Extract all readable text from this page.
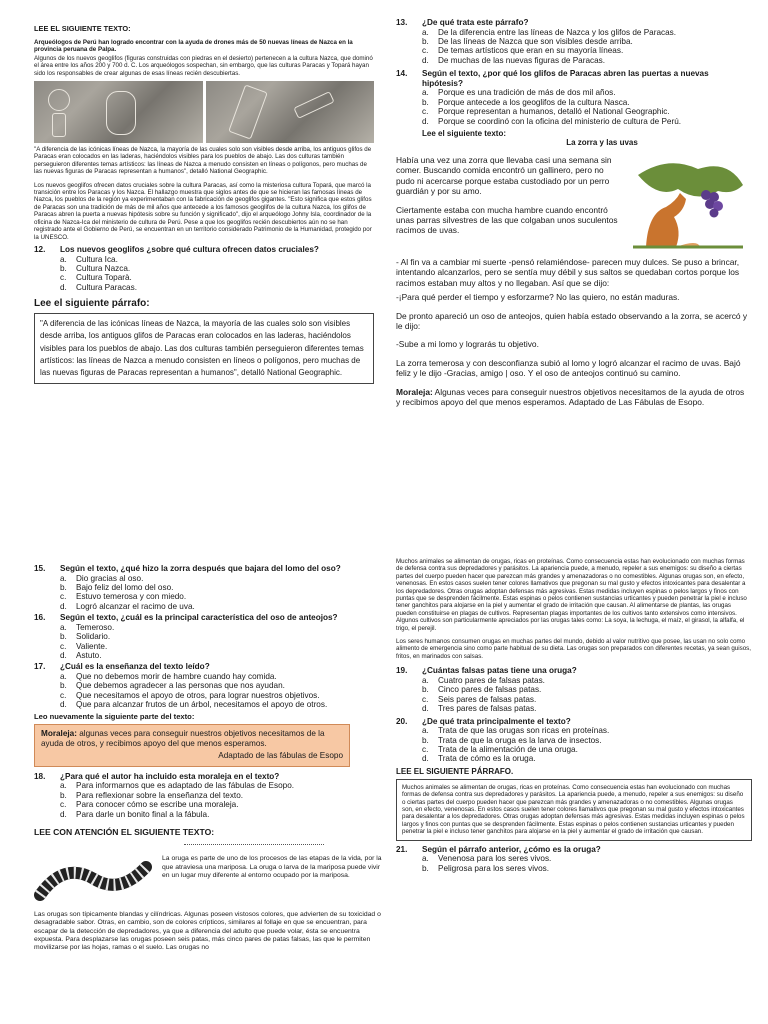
LEE EL SIGUIENTE TEXTO:
Arqueólogos de Perú han logrado encontrar con la ayuda de drones más de 50 nuevas líneas de Nazca en la provincia peruana de Palpa.
Algunos de los nuevos geoglifos (figuras construidas con piedras en el desierto) pertenecen a la cultura Nazca, que dominó el área entre los años 200 y 700 d. C. Los arqueólogos sospechan, sin embargo, que las culturas Paracas y Topará hayan sido los responsables de crear algunas de esas líneas recién descubiertas.
"A diferencia de las icónicas líneas de Nazca, la mayoría de las cuales solo son visibles desde arriba, los antiguos glifos de Paracas eran colocados en las laderas, haciéndolos visibles para los pueblos de abajo. Las dos culturas también perseguieron diferentes temas artísticos: las líneas de Nazca a menudo consisten en líneas o polígonos, pero muchas de las nuevas figuras de Paracas representan a humanos", detalló National Geographic.
Los nuevos geoglifos ofrecen datos cruciales sobre la cultura Paracas, así como la misteriosa cultura Topará, que marcó la transición entre los Paracas y los Nazca. El hallazgo muestra que siglos antes de que se hicieran las famosas líneas de Nazca, los pueblos de la región ya experimentaban con la fabricación de geoglifos gigantes. "Esto significa que estos glifos de Paracas son una tradición de más de mil años que antecede a los famosos geoglifos de la cultura Nazca, los glifos de Paracas abren la puerta a nuevas hipótesis sobre su función y significado", dijo el arqueólogo Johny Isla, coordinador de la oficina de Nazca-Ica del ministerio de cultura de Perú. Pese a que los geoglifos recién descubiertos aún no se han registrado ante el Gobierno de Perú, se encuentran en un territorio considerado Patrimonio de la Humanidad, protegido por la UNESCO.
12.	Los nuevos geoglifos ¿sobre qué cultura ofrecen datos cruciales?
a.	Cultura Ica.
b.	Cultura Nazca.
c.	Cultura Toparà.
d.	Cultura Paracas.
Lee el siguiente párrafo:
"A diferencia de las icónicas líneas de Nazca, la mayoría de las cuales solo son visibles desde arriba, los antiguos glifos de Paracas eran colocados en las laderas, haciéndolos visibles para los pueblos de abajo. Las dos culturas también perseguieron diferentes temas artísticos: las líneas de Nazca a menudo consisten en líneos o polígonos, pero muchas de las nuevas figuras de Paracas representan a humanos", detalló National Geographic.
13.	¿De qué trata este párrafo?
a.	De la diferencia entre las líneas de Nazca y los glifos de Paracas.
b.	De las líneas de Nazca que son visibles desde arriba.
c.	De temas artísticos que eran en su mayoría líneas.
d.	De muchas de las nuevas figuras de Paracas.
14.	Según el texto, ¿por qué los glifos de Paracas abren las puertas a nuevas hipótesis?
a.	Porque es una tradición de más de dos mil años.
b.	Porque antecede a los geoglifos de la cultura Nasca.
c.	Porque representan a humanos, detalló el National Geographic.
d.	Porque se coordinó con la oficina del ministerio de cultura de Perú.
Lee el siguiente texto:
La zorra y las uvas
Había una vez una zorra que llevaba casi una semana sin comer. Buscando comida encontró un gallinero, pero no pudo ni acercarse porque estaba custodiado por un perro guardián y por su amo.
Ciertamente estaba con mucha hambre cuando encontró unas parras silvestres de las que colgaban unos suculentos racimos de uvas.
- Al fin va a cambiar mi suerte -pensó relamiéndose- parecen muy dulces. Se puso a brincar, intentando alcanzarlos, pero se sentía muy débil y sus saltos se quedaban cortos porque los racimos estaban muy altos y no llegaban. Así que se dijo:
-¡Para qué perder el tiempo y esforzarme? No las quiero, no están maduras.
De pronto apareció un oso de anteojos, quien había estado observando a la zorra, se acercó y le dijo:
-Sube a mi lomo y lograrás tu objetivo.
La zorra temerosa y con desconfianza subió al lomo y logró alcanzar el racimo de uvas. Bajó feliz y le dijo -Gracias, amigo | oso. Y el oso de anteojos continuó su camino.
Moraleja: Algunas veces para conseguir nuestros objetivos necesitamos de la ayuda de otros y recibimos apoyo del que menos esperamos. Adaptado de Las Fábulas de Esopo.
15.	Según el texto, ¿qué hizo la zorra después que bajara del lomo del oso?
a.	Dio gracias al oso.
b.	Bajo feliz del lomo del oso.
c.	Estuvo temerosa y con miedo.
d.	Logró alcanzar el racimo de uva.
16.	Según el texto, ¿cuál es la principal característica del oso de anteojos?
a.	Temeroso.
b.	Solidario.
c.	Valiente.
d.	Astuto.
17.	¿Cuál es la enseñanza del texto leído?
a.	Que no debemos morir de hambre cuando hay comida.
b.	Que debemos agradecer a las personas que nos ayudan.
c.	Que necesitamos el apoyo de otros, para lograr nuestros objetivos.
d.	Que para alcanzar frutos de un árbol, necesitamos el apoyo de otros.
Leo nuevamente la siguiente parte del texto:
Moraleja: algunas veces para conseguir nuestros objetivos necesitamos de la ayuda de otros, y recibimos apoyo del que menos esperamos.
Adaptado de las fábulas de Esopo
18.	¿Para qué el autor ha incluido esta moraleja en el texto?
a.	Para informarnos que es adaptado de las fábulas de Esopo.
b.	Para reflexionar sobre la enseñanza del texto.
c.	Para conocer cómo se escribe una moraleja.
d.	Para darle un bonito final a la fábula.
LEE CON ATENCIÓN EL SIGUIENTE TEXTO:
La oruga es parte de uno de los procesos de las etapas de la vida, por la que atraviesa una mariposa. La oruga o larva de la mariposa puede vivir en un lugar muy diferente al entorno ocupado por la mariposa.
Las orugas son típicamente blandas y cilíndricas. Algunas poseen vistosos colores, que advierten de su toxicidad o desagradable sabor. Otras, en cambio, son de colores crípticos, similares al follaje en que se encuentran, para escapar de la detección de depredadores, ya que a diferencia del adulto que puede volar, ésta se encuentra expuesta. Para desplazarse las orugas poseen seis patas, más cinco pares de patas falsas, las que le permiten movilizarse por las hojas, ramas o el suelo. Las orugas no
Muchos animales se alimentan de orugas, ricas en proteínas. Como consecuencia estas han evolucionado con muchas formas de defensa contra sus depredadores y parásitos. La apariencia puede, a menudo, repeler a sus enemigos: su diseño a ciertas partes del cuerpo pueden hacer que parezcan más grandes y amenazadoras o no comestibles. Algunas orugas son, en efecto, venenosas. En estos casos suelen tener colores llamativos que pregonan su mal gusto y efectos intoxicantes para desalentar a los depredadores. Otras orugas adoptan defensas más agresivas. Estas medidas incluyen espinas o pelos largos y finos con puntas que se desprenden fácilmente. Estas espinas o pelos contienen sustancias urticantes y pueden penetrar la piel e incluso tener ganchitos para alojarse en la piel y aumentar el grado de irritación que causan. Al alimentarse de plantas, las orugas pueden constituirse en plagas de cultivos. Representan plagas importantes de los cultivos tanto extensivos como intensivos. Algunos cultivos son particularmente apreciados por las orugas tales como: La soya, la lechuga, el maíz, el girasol, la alfalfa, el trigo, el perejil.
Los seres humanos consumen orugas en muchas partes del mundo, debido al valor nutritivo que posee, las usan no solo como alimento de emergencia sino como parte habitual de su dieta. Las orugas son preparados con diferentes recetas, ya sean guisos, fritos, en marinados con salsas.
19.	¿Cuántas falsas patas tiene una oruga?
a.	Cuatro pares de falsas patas.
b.	Cinco pares de falsas patas.
c.	Seis pares de falsas patas.
d.	Tres pares de falsas patas.
20.	¿De qué trata principalmente el texto?
a.	Trata de que las orugas son ricas en proteínas.
b.	Trata de que la oruga es la larva de insectos.
c.	Trata de la alimentación de una oruga.
d.	Trata de cómo es la oruga.
LEE EL SIGUIENTE PÁRRAFO.
Muchos animales se alimentan de orugas, ricas en proteínas. Como consecuencia estas han evolucionado con muchas formas de defensa contra sus depredadores y parásitos. La apariencia puede, a menudo, repeler a sus enemigos: su diseño o ciertas partes del cuerpo pueden hacer que parezcan más grandes y amenazadoras o no comestibles. Algunas orugas son, en efecto, venenosas. En estos casos suelen tener colores llamativos que pregonan su mal gusto y efectos intoxicantes para desalentar a los depredadores. Otras orugas adoptan defensas más agresivas. Estas medidas incluyen espinas o pelos largos y finos con puntas que se desprenden fácilmente. Estas espinas o pelos contienen sustancias urticantes y pueden penetrar la piel e incluso tener ganchitos para alojarse en la piel y aumentar el grado de irritación que causan.
21.	Según el párrafo anterior, ¿cómo es la oruga?
a.	Venenosa para los seres vivos.
b.	Peligrosa para los seres vivos.
